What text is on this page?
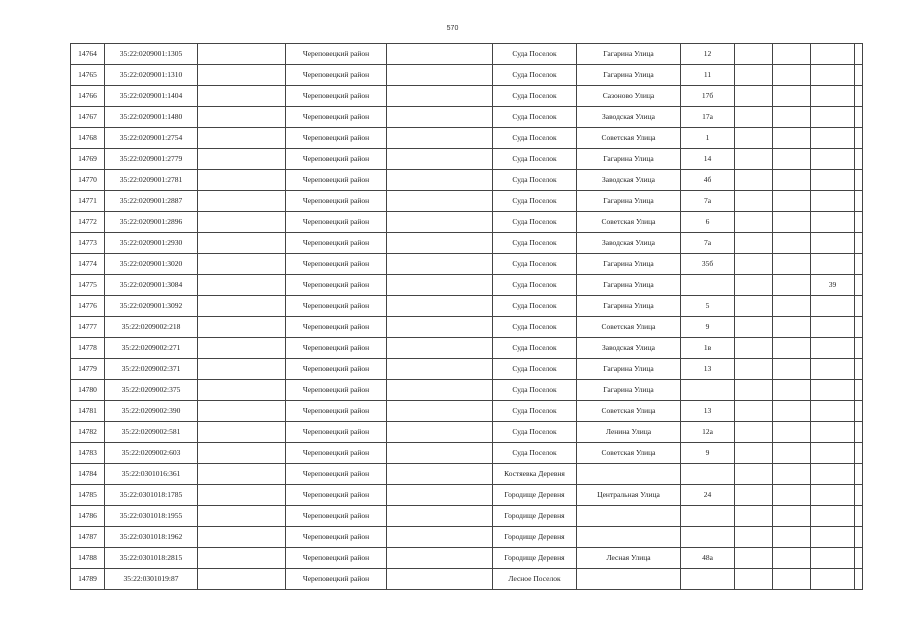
570
14764	35:22:0209001:1305		Череповецкий район		Суда Поселок	Гагарина Улица	12				
14765	35:22:0209001:1310		Череповецкий район		Суда Поселок	Гагарина Улица	11				
14766	35:22:0209001:1404		Череповецкий район		Суда Поселок	Сазоново Улица	17б				
14767	35:22:0209001:1480		Череповецкий район		Суда Поселок	Заводская Улица	17а				
14768	35:22:0209001:2754		Череповецкий район		Суда Поселок	Советская Улица	1				
14769	35:22:0209001:2779		Череповецкий район		Суда Поселок	Гагарина Улица	14				
14770	35:22:0209001:2781		Череповецкий район		Суда Поселок	Заводская Улица	4б				
14771	35:22:0209001:2887		Череповецкий район		Суда Поселок	Гагарина Улица	7а				
14772	35:22:0209001:2896		Череповецкий район		Суда Поселок	Советская Улица	6				
14773	35:22:0209001:2930		Череповецкий район		Суда Поселок	Заводская Улица	7а				
14774	35:22:0209001:3020		Череповецкий район		Суда Поселок	Гагарина Улица	35б				
14775	35:22:0209001:3084		Череповецкий район		Суда Поселок	Гагарина Улица				39	
14776	35:22:0209001:3092		Череповецкий район		Суда Поселок	Гагарина Улица	5				
14777	35:22:0209002:218		Череповецкий район		Суда Поселок	Советская Улица	9				
14778	35:22:0209002:271		Череповецкий район		Суда Поселок	Заводская Улица	1в				
14779	35:22:0209002:371		Череповецкий район		Суда Поселок	Гагарина Улица	13				
14780	35:22:0209002:375		Череповецкий район		Суда Поселок	Гагарина Улица					
14781	35:22:0209002:390		Череповецкий район		Суда Поселок	Советская Улица	13				
14782	35:22:0209002:581		Череповецкий район		Суда Поселок	Ленина Улица	12а				
14783	35:22:0209002:603		Череповецкий район		Суда Поселок	Советская Улица	9				
14784	35:22:0301016:361		Череповецкий район		Костяевка Деревня						
14785	35:22:0301018:1785		Череповецкий район		Городище Деревня	Центральная Улица	24				
14786	35:22:0301018:1955		Череповецкий район		Городище Деревня						
14787	35:22:0301018:1962		Череповецкий район		Городище Деревня						
14788	35:22:0301018:2815		Череповецкий район		Городище Деревня	Лесная Улица	48а				
14789	35:22:0301019:87		Череповецкий район		Лесное Поселок						
